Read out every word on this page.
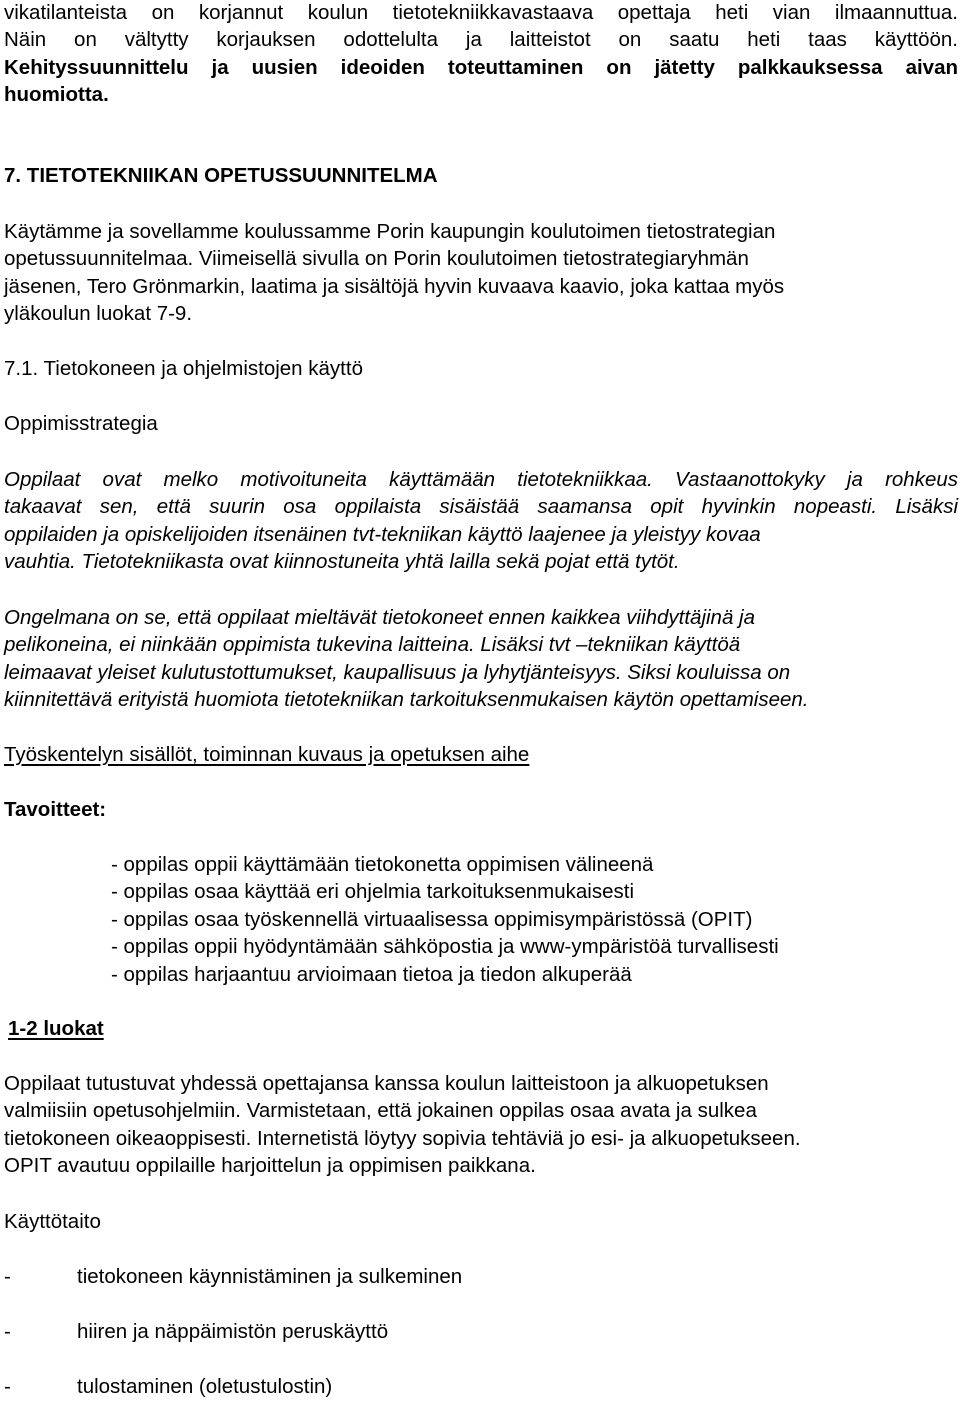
vikatilanteista on korjannut koulun tietotekniikkavastaava opettaja heti vian ilmaannuttua.
Näin on vältytty korjauksen odottelulta ja laitteistot on saatu heti taas käyttöön.
Kehityssuunnittelu ja uusien ideoiden toteuttaminen on jätetty palkkauksessa aivan
huomiotta.
7. TIETOTEKNIIKAN OPETUSSUUNNITELMA
Käytämme ja sovellamme koulussamme Porin kaupungin koulutoimen tietostrategian
opetussuunnitelmaa. Viimeisellä sivulla on Porin koulutoimen tietostrategiaryhmän
jäsenen, Tero Grönmarkin, laatima ja sisältöjä hyvin kuvaava kaavio, joka kattaa myös
yläkoulun luokat 7-9.
7.1. Tietokoneen ja ohjelmistojen käyttö
Oppimisstrategia
Oppilaat ovat melko motivoituneita käyttämään tietotekniikkaa. Vastaanottokyky ja rohkeus
takaavat sen, että suurin osa oppilaista sisäistää saamansa opit hyvinkin nopeasti. Lisäksi
oppilaiden ja opiskelijoiden itsenäinen tvt-tekniikan käyttö laajenee ja yleistyy kovaa
vauhtia. Tietotekniikasta ovat kiinnostuneita yhtä lailla sekä pojat että tytöt.
Ongelmana on se, että oppilaat mieltävät tietokoneet ennen kaikkea viihdyttäjinä ja
pelikoneina, ei niinkään oppimista tukevina laitteina. Lisäksi tvt –tekniikan käyttöä
leimaavat yleiset kulutustottumukset, kaupallisuus ja lyhytjänteisyys. Siksi kouluissa on
kiinnitettävä erityistä huomiota tietotekniikan tarkoituksenmukaisen käytön opettamiseen.
Työskentelyn sisällöt, toiminnan kuvaus ja opetuksen aihe
Tavoitteet:
- oppilas oppii käyttämään tietokonetta oppimisen välineenä
- oppilas osaa käyttää eri ohjelmia tarkoituksenmukaisesti
- oppilas osaa työskennellä virtuaalisessa oppimisympäristössä (OPIT)
- oppilas oppii hyödyntämään sähköpostia ja www-ympäristöä turvallisesti
- oppilas harjaantuu arvioimaan tietoa ja tiedon alkuperää
1-2 luokat
Oppilaat tutustuvat yhdessä opettajansa kanssa koulun laitteistoon ja alkuopetuksen
valmiisiin opetusohjelmiin. Varmistetaan, että jokainen oppilas osaa avata ja sulkea
tietokoneen oikeaoppisesti. Internetistä löytyy sopivia tehtäviä jo esi- ja alkuopetukseen.
OPIT avautuu oppilaille harjoittelun ja oppimisen paikkana.
Käyttötaito
-	tietokoneen käynnistäminen ja sulkeminen
-	hiiren ja näppäimistön peruskäyttö
-	tulostaminen (oletustulostin)
